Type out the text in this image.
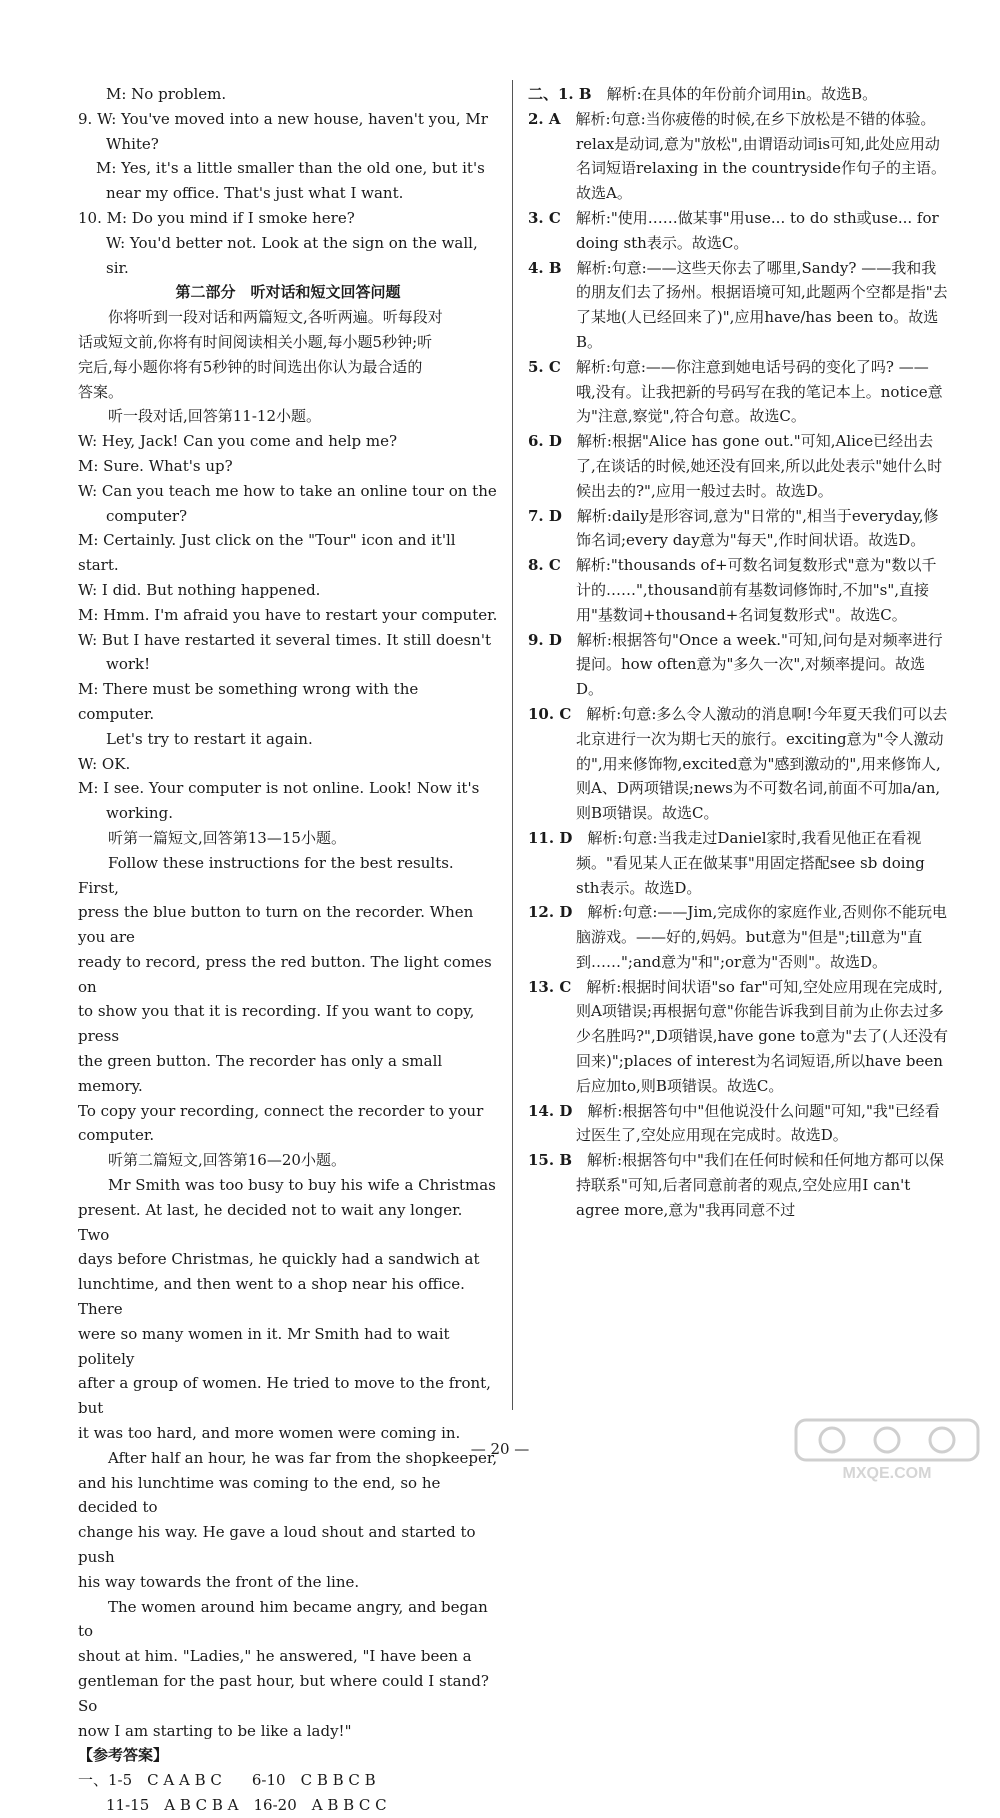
M: No problem.

9. W: You've moved into a new house, haven't you, Mr

White?

M: Yes, it's a little smaller than the old one, but it's

near my office. That's just what I want.

10. M: Do you mind if I smoke here?

W: You'd better not. Look at the sign on the wall, sir.

第二部分　听对话和短文回答问题

你将听到一段对话和两篇短文,各听两遍。听每段对

话或短文前,你将有时间阅读相关小题,每小题5秒钟;听

完后,每小题你将有5秒钟的时间选出你认为最合适的

答案。

听一段对话,回答第11-12小题。

W: Hey, Jack! Can you come and help me?

M: Sure. What's up?

W: Can you teach me how to take an online tour on the

computer?

M: Certainly. Just click on the "Tour" icon and it'll start.

W: I did. But nothing happened.

M: Hmm. I'm afraid you have to restart your computer.

W: But I have restarted it several times. It still doesn't

work!

M: There must be something wrong with the computer.

Let's try to restart it again.

W: OK.

M: I see. Your computer is not online. Look! Now it's

working.

听第一篇短文,回答第13—15小题。

Follow these instructions for the best results. First,

press the blue button to turn on the recorder. When you are

ready to record, press the red button. The light comes on

to show you that it is recording. If you want to copy, press

the green button. The recorder has only a small memory.

To copy your recording, connect the recorder to your

computer.

听第二篇短文,回答第16—20小题。

Mr Smith was too busy to buy his wife a Christmas

present. At last, he decided not to wait any longer. Two

days before Christmas, he quickly had a sandwich at

lunchtime, and then went to a shop near his office. There

were so many women in it. Mr Smith had to wait politely

after a group of women. He tried to move to the front, but

it was too hard, and more women were coming in.

After half an hour, he was far from the shopkeeper,

and his lunchtime was coming to the end, so he decided to

change his way. He gave a loud shout and started to push

his way towards the front of the line.

The women around him became angry, and began to

shout at him. "Ladies," he answered, "I have been a

gentleman for the past hour, but where could I stand? So

now I am starting to be like a lady!"

【参考答案】

一、1-5　C A A B C　　6-10　C B B C B

11-15　A B C B A　16-20　A B B C C

二、1. B　解析:在具体的年份前介词用in。故选B。

2. A　解析:句意:当你疲倦的时候,在乡下放松是不错的体验。relax是动词,意为"放松",由谓语动词is可知,此处应用动名词短语relaxing in the countryside作句子的主语。故选A。

3. C　解析:"使用……做某事"用use... to do sth或use... for doing sth表示。故选C。

4. B　解析:句意:——这些天你去了哪里,Sandy? ——我和我的朋友们去了扬州。根据语境可知,此题两个空都是指"去了某地(人已经回来了)",应用have/has been to。故选B。

5. C　解析:句意:——你注意到她电话号码的变化了吗? ——哦,没有。让我把新的号码写在我的笔记本上。notice意为"注意,察觉",符合句意。故选C。

6. D　解析:根据"Alice has gone out."可知,Alice已经出去了,在谈话的时候,她还没有回来,所以此处表示"她什么时候出去的?",应用一般过去时。故选D。

7. D　解析:daily是形容词,意为"日常的",相当于everyday,修饰名词;every day意为"每天",作时间状语。故选D。

8. C　解析:"thousands of+可数名词复数形式"意为"数以千计的……",thousand前有基数词修饰时,不加"s",直接用"基数词+thousand+名词复数形式"。故选C。

9. D　解析:根据答句"Once a week."可知,问句是对频率进行提问。how often意为"多久一次",对频率提问。故选D。

10. C　解析:句意:多么令人激动的消息啊!今年夏天我们可以去北京进行一次为期七天的旅行。exciting意为"令人激动的",用来修饰物,excited意为"感到激动的",用来修饰人,则A、D两项错误;news为不可数名词,前面不可加a/an,则B项错误。故选C。

11. D　解析:句意:当我走过Daniel家时,我看见他正在看视频。"看见某人正在做某事"用固定搭配see sb doing sth表示。故选D。

12. D　解析:句意:——Jim,完成你的家庭作业,否则你不能玩电脑游戏。——好的,妈妈。but意为"但是";till意为"直到……";and意为"和";or意为"否则"。故选D。

13. C　解析:根据时间状语"so far"可知,空处应用现在完成时,则A项错误;再根据句意"你能告诉我到目前为止你去过多少名胜吗?",D项错误,have gone to意为"去了(人还没有回来)";places of interest为名词短语,所以have been后应加to,则B项错误。故选C。

14. D　解析:根据答句中"但他说没什么问题"可知,"我"已经看过医生了,空处应用现在完成时。故选D。

15. B　解析:根据答句中"我们在任何时候和任何地方都可以保持联系"可知,后者同意前者的观点,空处应用I can't agree more,意为"我再同意不过

— 20 —
MXQE.COM
